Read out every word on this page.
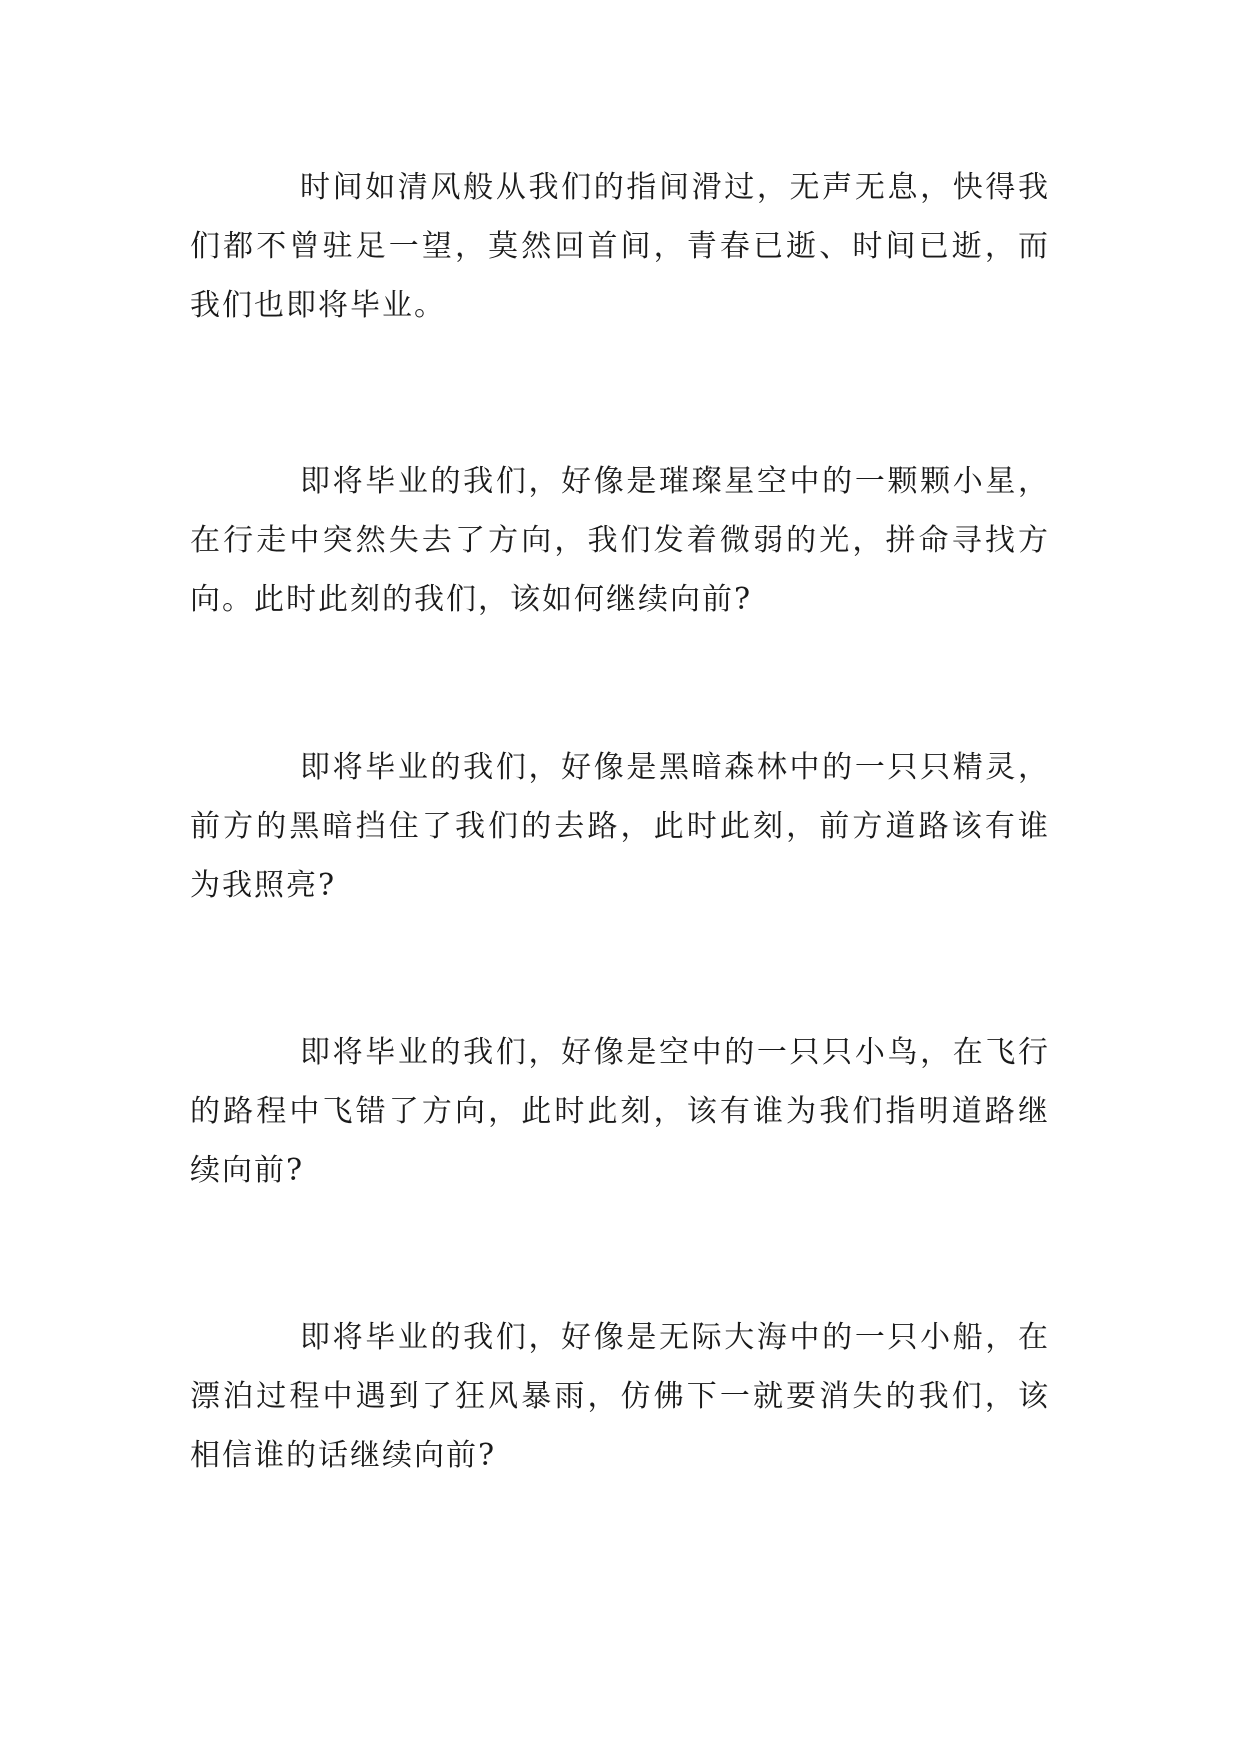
时间如清风般从我们的指间滑过，无声无息，快得我们都不曾驻足一望，莫然回首间，青春已逝、时间已逝，而我们也即将毕业。

即将毕业的我们，好像是璀璨星空中的一颗颗小星，在行走中突然失去了方向，我们发着微弱的光，拼命寻找方向。此时此刻的我们，该如何继续向前?

即将毕业的我们，好像是黑暗森林中的一只只精灵，前方的黑暗挡住了我们的去路，此时此刻，前方道路该有谁为我照亮?

即将毕业的我们，好像是空中的一只只小鸟，在飞行的路程中飞错了方向，此时此刻，该有谁为我们指明道路继续向前?

即将毕业的我们，好像是无际大海中的一只小船，在漂泊过程中遇到了狂风暴雨，仿佛下一就要消失的我们，该相信谁的话继续向前?
